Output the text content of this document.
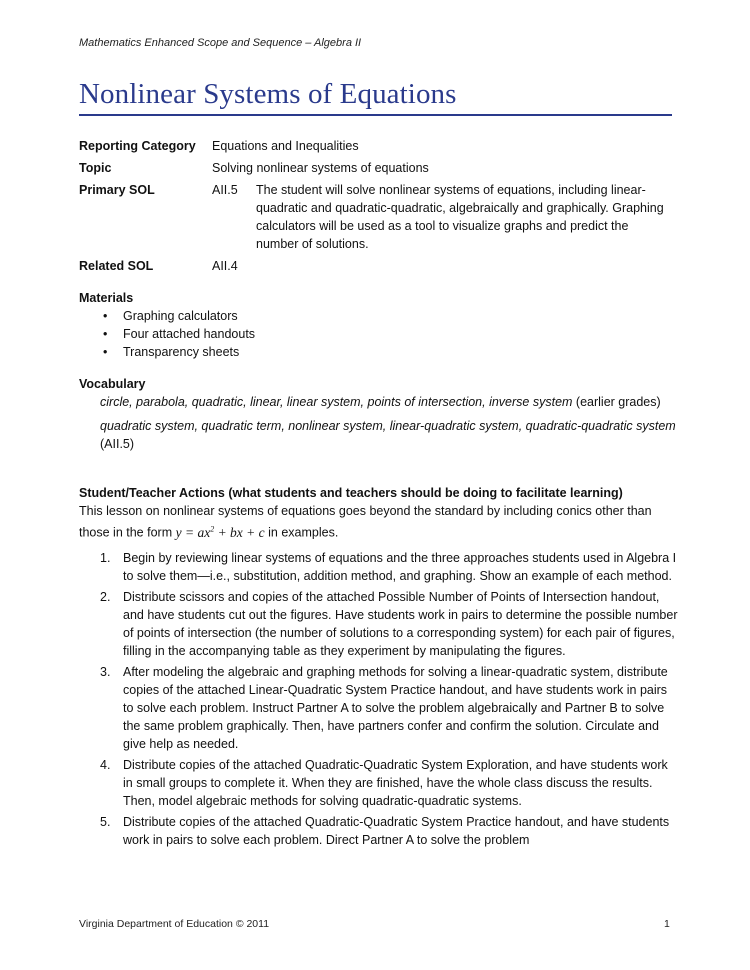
Mathematics Enhanced Scope and Sequence – Algebra II
Nonlinear Systems of Equations
Reporting Category	Equations and Inequalities
Topic	Solving nonlinear systems of equations
Primary SOL	AII.5	The student will solve nonlinear systems of equations, including linear-quadratic and quadratic-quadratic, algebraically and graphically. Graphing calculators will be used as a tool to visualize graphs and predict the number of solutions.
Related SOL	AII.4
Materials
• Graphing calculators
• Four attached handouts
• Transparency sheets
Vocabulary
circle, parabola, quadratic, linear, linear system, points of intersection, inverse system (earlier grades)
quadratic system, quadratic term, nonlinear system, linear-quadratic system, quadratic-quadratic system (AII.5)
Student/Teacher Actions (what students and teachers should be doing to facilitate learning)
This lesson on nonlinear systems of equations goes beyond the standard by including conics other than those in the form $y = ax^2$ + bx + c in examples.
1. Begin by reviewing linear systems of equations and the three approaches students used in Algebra I to solve them—i.e., substitution, addition method, and graphing. Show an example of each method.
2. Distribute scissors and copies of the attached Possible Number of Points of Intersection handout, and have students cut out the figures. Have students work in pairs to determine the possible number of points of intersection (the number of solutions to a corresponding system) for each pair of figures, filling in the accompanying table as they experiment by manipulating the figures.
3. After modeling the algebraic and graphing methods for solving a linear-quadratic system, distribute copies of the attached Linear-Quadratic System Practice handout, and have students work in pairs to solve each problem. Instruct Partner A to solve the problem algebraically and Partner B to solve the same problem graphically. Then, have partners confer and confirm the solution. Circulate and give help as needed.
4. Distribute copies of the attached Quadratic-Quadratic System Exploration, and have students work in small groups to complete it. When they are finished, have the whole class discuss the results. Then, model algebraic methods for solving quadratic-quadratic systems.
5. Distribute copies of the attached Quadratic-Quadratic System Practice handout, and have students work in pairs to solve each problem. Direct Partner A to solve the problem
Virginia Department of Education © 2011	1
